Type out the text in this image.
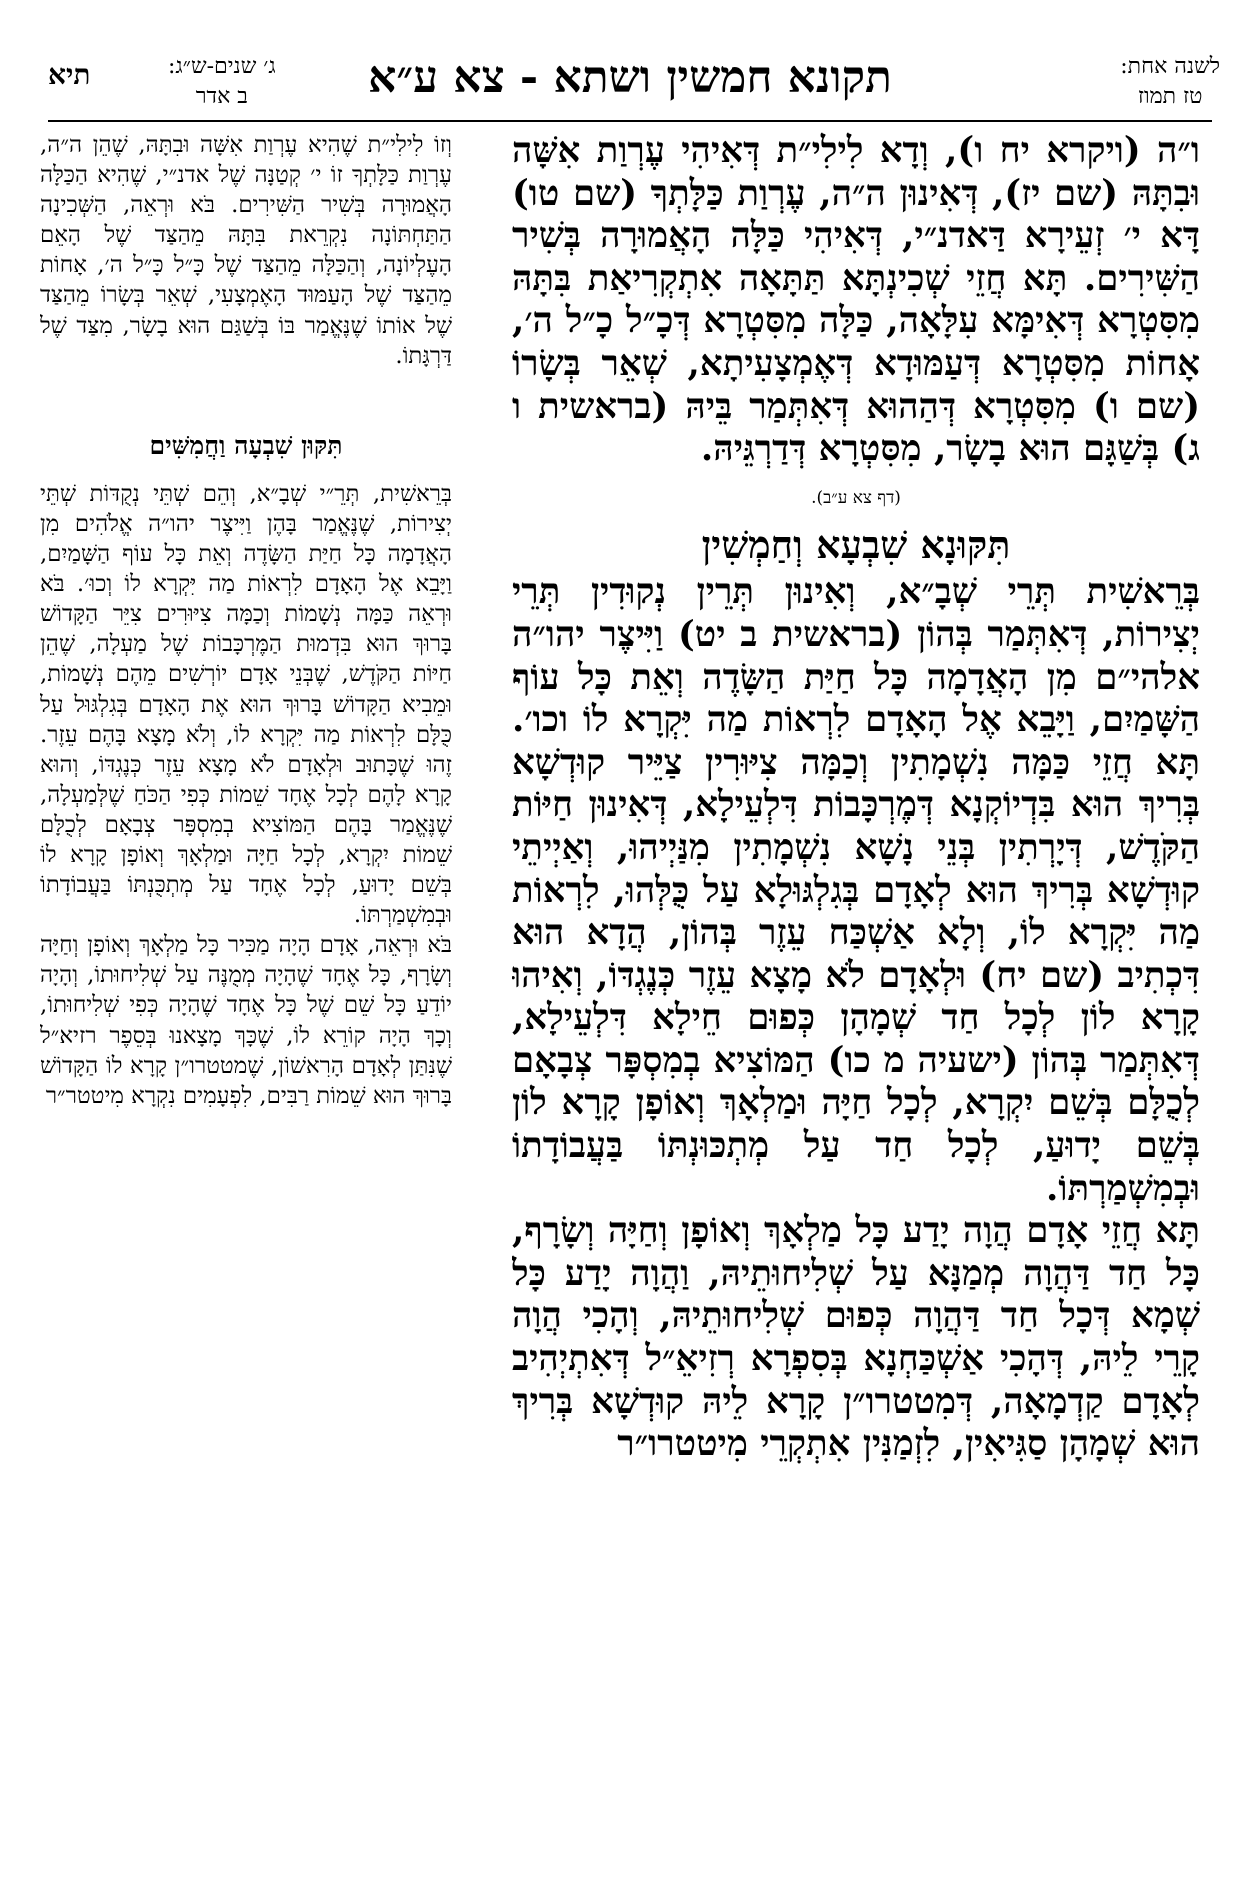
תיא	ג׳ שנים-ש״ג:
ב אדר	תקונא חמשין ושתא - צא ע״א	לשנה אחת:
טז תמוז

ו״ה ‎(ויקרא יח ו)‎, וְדָא לִילִי״ת דְּאִיהִי עֶרְוַת אִשָּׁה וּבִתָּהּ (שם יז), דְּאִינוּן ה״ה, עֶרְוַת כַּלָּתְךָ (שם טו) דָּא י׳ זְעֵירָא דַּאדנ״י, דְּאִיהִי כַּלָּה הָאֲמוּרָה בְּשִׁיר הַשִּׁירִים. תָּא חֲזֵי שְׁכִינְתָּא תַּתָּאָה אִתְקְרִיאַת בִּתָּהּ מִסִּטְרָא דְּאִימָּא עִלָּאָה, כַּלָּה מִסִּטְרָא דְּכָ״ל כָ״ל ה׳, אָחוֹת מִסִּטְרָא דְּעַמּוּדָא דְּאֶמְצָעִיתָא, שְׁאֵר בְּשָׂרוֹ (שם ו) מִסִּטְרָא דְּהַהוּא דְּאִתְּמַר בֵּיהּ (בראשית ו ג) בְּשַׁגָּם הוּא בָשָׂר, מִסִּטְרָא דְּדַרְגֵּיהּ.

(דף צא ע״ב).

תִּקּוּנָא שִׁבְעָא וְחַמְשִׁין

בְּרֵאשִׁית תְּרֵי שְׁבָ״א, וְאִינוּן תְּרֵין נְקוּדִין תְּרֵי יְצִירוֹת, דְּאִתְּמַר בְּהוֹן (בראשית ב יט) וַיִּיצֶר יהו״ה אלהי״ם מִן הָאֲדָמָה כָּל חַיַּת הַשָּׂדֶה וְאֵת כָּל עוֹף הַשָּׁמַיִם, וַיָּבֵא אֶל הָאָדָם לִרְאוֹת מַה יִּקְרָא לוֹ וכו׳. תָּא חֲזֵי כַּמָּה נִשְׁמָתִין וְכַמָּה צִיּוּרִין צַיֵּיר קוּדְשָׁא בְּרִיךְ הוּא בִּדְיוֹקְנָא דְּמֶרְכָּבוֹת דִּלְעֵילָא, דְּאִינוּן חַיּוֹת הַקֹּדֶשׁ, דְּיָרְתִין בְּנֵי נָשָׁא נִשְׁמָתִין מִנַּיְיהוּ, וְאַיְיתֵי קוּדְשָׁא בְּרִיךְ הוּא לְאָדָם בְּגִלְגּוּלָא עַל כֻּלְּהוּ, לִרְאוֹת מַה יִּקְרָא לוֹ, וְלָא אַשְׁכַּח עֵזֶר בְּהוֹן, הֲדָא הוּא דִּכְתִיב (שם יח) וּלְאָדָם לֹא מָצָא עֵזֶר כְּנֶגְדּוֹ, וְאִיהוּ קָרָא לוֹן לְכָל חַד שְׁמָהָן כְּפוּם חֵילָא דִּלְעֵילָא, דְּאִתְּמַר בְּהוֹן (ישעיה מ כו) הַמּוֹצִיא בְמִסְפָּר צְבָאָם לְכֻלָּם בְּשֵׁם יִקְרָא, לְכָל חַיָּה וּמַלְאָךְ וְאוֹפָן קָרָא לוֹן בְּשֵׁם יָדוּעַ, לְכָל חַד עַל מְתְכּוּנְתּוֹ בַּעֲבוֹדָתוֹ וּבְמִשְׁמַרְתּוֹ.

תָּא חֲזֵי אָדָם הֲוָה יָדַע כָּל מַלְאָךְ וְאוֹפָן וְחַיָּה וְשָׂרָף, כָּל חַד דַּהֲוָה מְמַנָּא עַל שְׁלִיחוּתֵיהּ, וַהֲוָה יָדַע כָּל שְׁמָא דְּכָל חַד דַּהֲוָה כְּפוּם שְׁלִיחוּתֵיהּ, וְהָכִי הֲוָה קָרֵי לֵיהּ, דְּהָכִי אַשְׁכַּחְנָא בְּסִפְרָא רְזִיאֵ״ל דְּאִתְיְהִיב לְאָדָם קַדְמָאָה, דְּמִטטרו״ן קָרָא לֵיהּ קוּדְשָׁא בְּרִיךְ הוּא שְׁמָהָן סַגִּיאִין, לִזְמַנִּין אִתְקְרֵי מִיטטרו״ר

וְזוֹ לִילִי״ת שֶׁהִיא עֶרְוַת אִשָּׁה וּבִתָּהּ, שֶׁהֵן ה״ה, עֶרְוַת כַּלָּתְךָ זוֹ י׳ קְטַנָּה שֶׁל אדנ״י, שֶׁהִיא הַכַּלָּה הָאֲמוּרָה בְּשִׁיר הַשִּׁירִים. בֹּא וּרְאֵה, הַשְּׁכִינָה הַתַּחְתּוֹנָה נִקְרֵאת בִּתָּהּ מֵהַצַּד שֶׁל הָאֵם הָעֶלְיוֹנָה, וְהַכַּלָּה מֵהַצַּד שֶׁל כָּ״ל כָּ״ל ה׳, אָחוֹת מֵהַצַּד שֶׁל הָעַמּוּד הָאֶמְצָעִי, שְׁאֵר בְּשָׂרוֹ מֵהַצַּד שֶׁל אוֹתוֹ שֶׁנֶּאֱמַר בּוֹ בְּשַׁגַּם הוּא בָשָׂר, מִצַּד שֶׁל דַּרְגָּתוֹ.

תִּקּוּן שִׁבְעָה וַחֲמִשִּׁים

בְּרֵאשִׁית, תְּרֵ״י שְׁבָ״א, וְהֵם שְׁתֵּי נְקֻדּוֹת שְׁתֵּי יְצִירוֹת, שֶׁנֶּאֱמַר בָּהֶן וַיִּיצֶר יהו״ה אֱלֹהִים מִן הָאֲדָמָה כָּל חַיַּת הַשָּׂדֶה וְאֵת כָּל עוֹף הַשָּׁמַיִם, וַיָּבֵא אֶל הָאָדָם לִרְאוֹת מַה יִּקְרָא לוֹ וְכוּ׳. בֹּא וּרְאֵה כַּמָּה נְשָׁמוֹת וְכַמָּה צִיּוּרִים צִיֵּר הַקָּדוֹשׁ בָּרוּךְ הוּא בִּדְמוּת הַמֶּרְכָּבוֹת שֶׁל מַעְלָה, שֶׁהֵן חַיּוֹת הַקֹּדֶשׁ, שֶׁבְּנֵי אָדָם יוֹרְשִׁים מֵהֶם נְשָׁמוֹת, וּמֵבִיא הַקָּדוֹשׁ בָּרוּךְ הוּא אֶת הָאָדָם בְּגִלְגּוּל עַל כֻּלָּם לִרְאוֹת מַה יִּקְרָא לוֹ, וְלֹא מָצָא בָּהֶם עֵזֶר. זֶהוּ שֶׁכָּתוּב וּלְאָדָם לֹא מָצָא עֵזֶר כְּנֶגְדּוֹ, וְהוּא קָרָא לָהֶם לְכָל אֶחָד שֵׁמוֹת כְּפִי הַכֹּחַ שֶׁלְּמַעְלָה, שֶׁנֶּאֱמַר בָּהֶם הַמּוֹצִיא בְמִסְפָּר צְבָאָם לְכֻלָּם שֵׁמוֹת יִקְרָא, לְכָל חַיָּה וּמַלְאָךְ וְאוֹפָן קָרָא לוֹ בְּשֵׁם יָדוּעַ, לְכָל אֶחָד עַל מְתְכֻּנְתּוֹ בַּעֲבוֹדָתוֹ וּבְמִשְׁמַרְתּוֹ.

בֹּא וּרְאֵה, אָדָם הָיָה מַכִּיר כָּל מַלְאָךְ וְאוֹפָן וְחַיָּה וְשָׂרָף, כָּל אֶחָד שֶׁהָיָה מְמֻנֶּה עַל שְׁלִיחוּתוֹ, וְהָיָה יוֹדֵעַ כָּל שֵׁם שֶׁל כָּל אֶחָד שֶׁהָיָה כְּפִי שְׁלִיחוּתוֹ, וְכָךְ הָיָה קוֹרֵא לוֹ, שֶׁכָּךְ מָצָאנוּ בְּסֵפֶר רזיא״ל שֶׁנִּתַּן לְאָדָם הָרִאשׁוֹן, שֶׁמטטרו״ן קָרָא לוֹ הַקָּדוֹשׁ בָּרוּךְ הוּא שֵׁמוֹת רַבִּים, לִפְעָמִים נִקְרָא מִיטטר״ר
